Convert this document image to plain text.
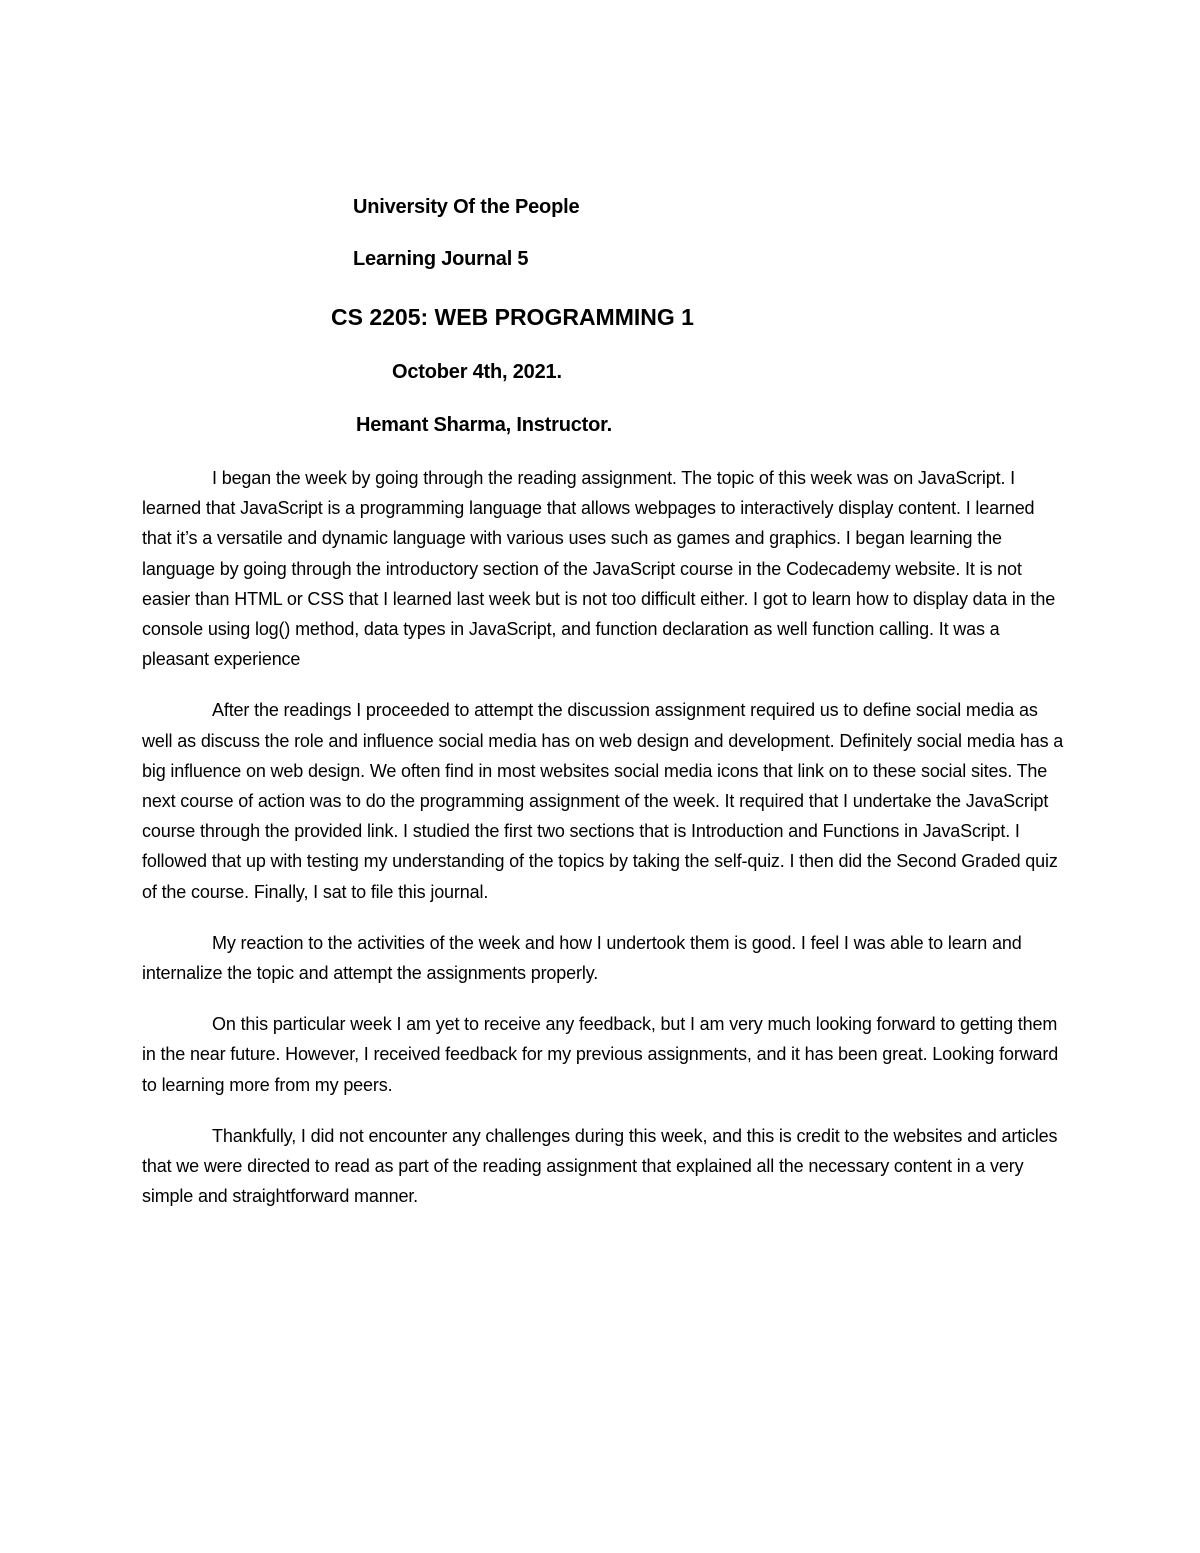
University Of the People
Learning Journal 5
CS 2205: WEB PROGRAMMING 1
October 4th, 2021.
Hemant Sharma, Instructor.

I began the week by going through the reading assignment. The topic of this week was on JavaScript. I learned that JavaScript is a programming language that allows webpages to interactively display content. I learned that it’s a versatile and dynamic language with various uses such as games and graphics. I began learning the language by going through the introductory section of the JavaScript course in the Codecademy website. It is not easier than HTML or CSS that I learned last week but is not too difficult either. I got to learn how to display data in the console using log() method, data types in JavaScript, and function declaration as well function calling. It was a pleasant experience

After the readings I proceeded to attempt the discussion assignment required us to define social media as well as discuss the role and influence social media has on web design and development. Definitely social media has a big influence on web design. We often find in most websites social media icons that link on to these social sites. The next course of action was to do the programming assignment of the week. It required that I undertake the JavaScript course through the provided link. I studied the first two sections that is Introduction and Functions in JavaScript. I followed that up with testing my understanding of the topics by taking the self-quiz. I then did the Second Graded quiz of the course. Finally, I sat to file this journal.

My reaction to the activities of the week and how I undertook them is good. I feel I was able to learn and internalize the topic and attempt the assignments properly.

On this particular week I am yet to receive any feedback, but I am very much looking forward to getting them in the near future. However, I received feedback for my previous assignments, and it has been great. Looking forward to learning more from my peers.

Thankfully, I did not encounter any challenges during this week, and this is credit to the websites and articles that we were directed to read as part of the reading assignment that explained all the necessary content in a very simple and straightforward manner.
